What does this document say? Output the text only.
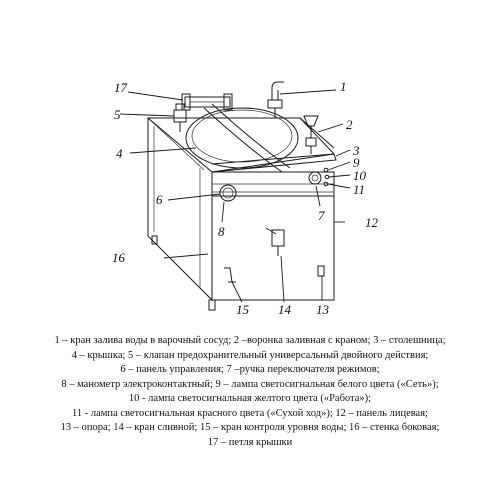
17
5
4
6
16
1
2
3
9
10
11
12
7
8
13
14
15
1 – кран залива воды в варочный сосуд; 2 –воронка заливная с краном; 3 – столешница;
4 – крышка; 5 – клапан предохранительный универсальный двойного действия;
6 – панель управления; 7 –ручка переключателя режимов;
8 – манометр электроконтактный; 9 – лампа светосигнальная белого цвета («Сеть»);
10 - лампа светосигнальная желтого цвета («Работа»);
11 - лампа светосигнальная красного цвета («Сухой ход»); 12 – панель лицевая;
13 – опора; 14 – кран сливной; 15 – кран контроля уровня воды; 16 – стенка боковая;
17 – петля крышки
